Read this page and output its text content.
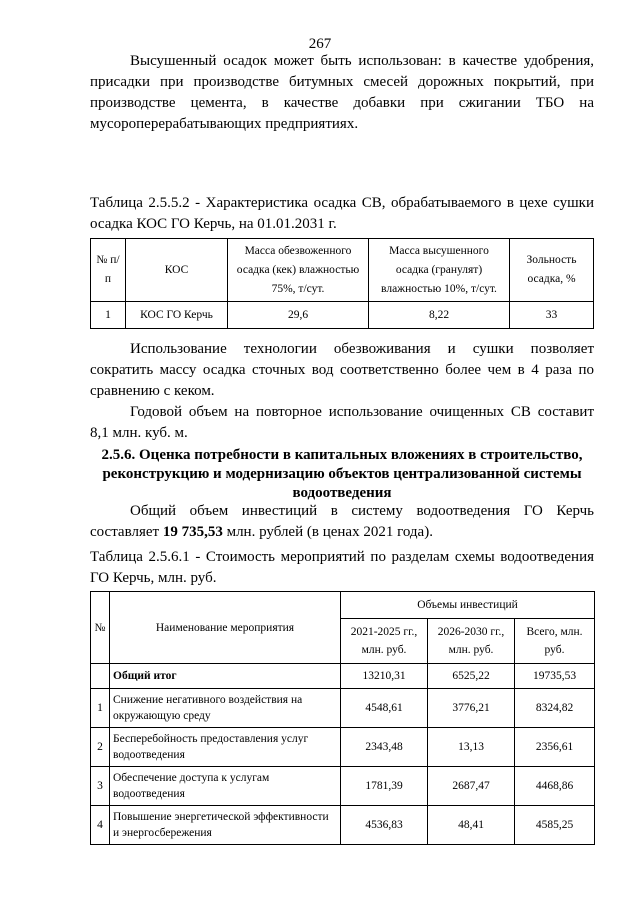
267

Высушенный осадок может быть использован: в качестве удобрения, присадки при производстве битумных смесей дорожных покрытий, при производстве цемента, в качестве добавки при сжигании ТБО на мусороперерабатывающих предприятиях.

Таблица 2.5.5.2 - Характеристика осадка СВ, обрабатываемого в цехе сушки осадка КОС ГО Керчь, на 01.01.2031 г.

№ п/п	КОС	Масса обезвоженного осадка (кек) влажностью 75%, т/сут.	Масса высушенного осадка (гранулят) влажностью 10%, т/сут.	Зольность осадка, %
1	КОС ГО Керчь	29,6	8,22	33

Использование технологии обезвоживания и сушки позволяет сократить массу осадка сточных вод соответственно более чем в 4 раза по сравнению с кеком.

Годовой объем на повторное использование очищенных СВ составит 8,1 млн. куб. м.

2.5.6. Оценка потребности в капитальных вложениях в строительство, реконструкцию и модернизацию объектов централизованной системы водоотведения

Общий объем инвестиций в систему водоотведения ГО Керчь составляет 19 735,53 млн. рублей (в ценах 2021 года).

Таблица 2.5.6.1 - Стоимость мероприятий по разделам схемы водоотведения ГО Керчь, млн. руб.

№	Наименование мероприятия	Объемы инвестиций		
		2021-2025 гг., млн. руб.	2026-2030 гг., млн. руб.	Всего, млн. руб.
	Общий итог	13210,31	6525,22	19735,53
1	Снижение негативного воздействия на окружающую среду	4548,61	3776,21	8324,82
2	Бесперебойность предоставления услуг водоотведения	2343,48	13,13	2356,61
3	Обеспечение доступа к услугам водоотведения	1781,39	2687,47	4468,86
4	Повышение энергетической эффективности и энергосбережения	4536,83	48,41	4585,25
